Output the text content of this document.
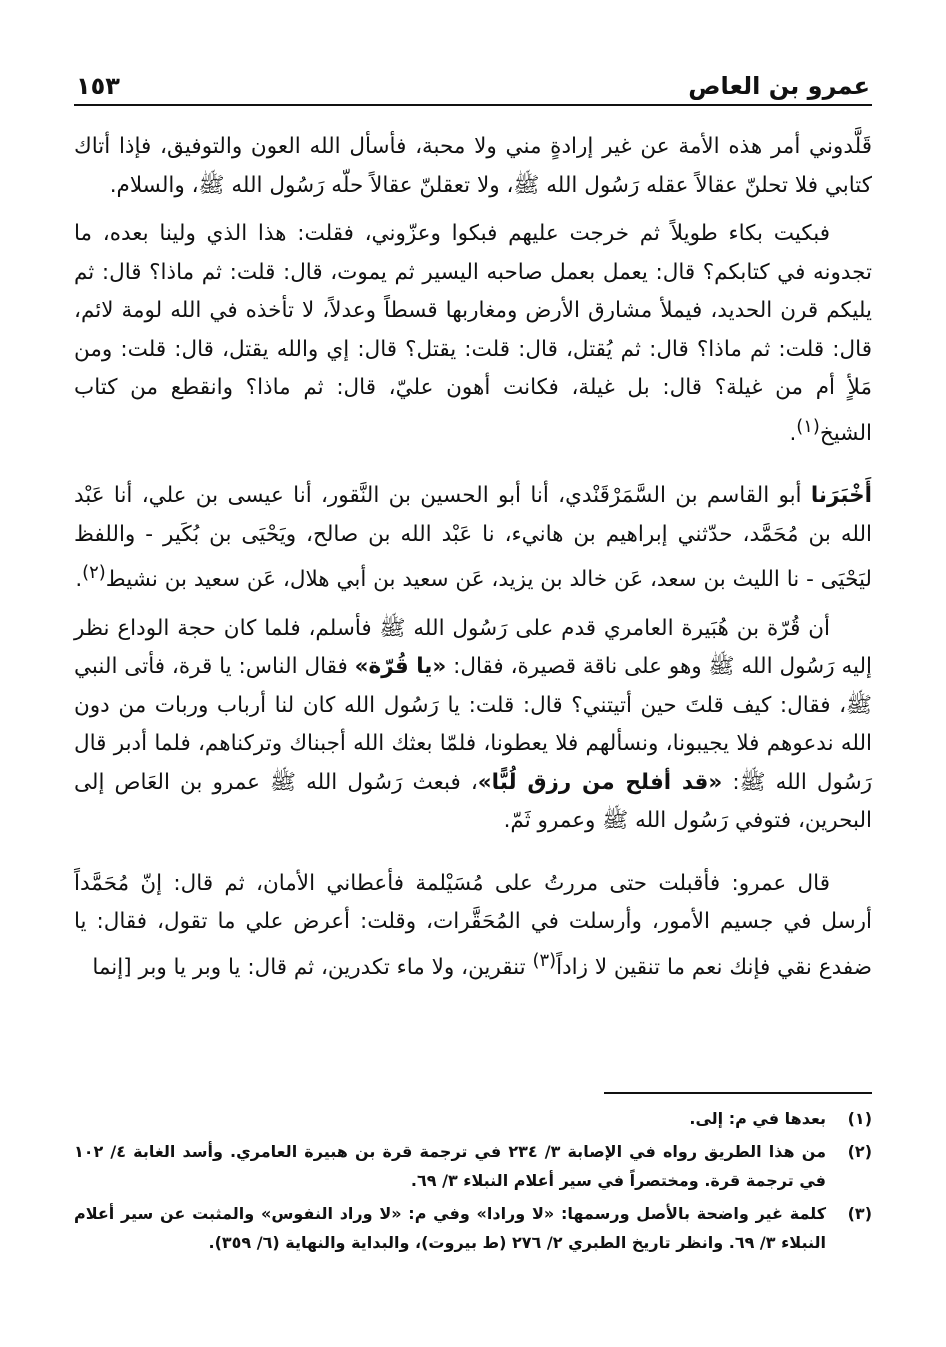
عمرو بن العاص
١٥٣

قَلَّدوني أمر هذه الأمة عن غير إرادةٍ مني ولا محبة، فأسأل الله العون والتوفيق، فإذا أتاك كتابي فلا تحلنّ عقالاً عقله رَسُول الله ﷺ، ولا تعقلنّ عقالاً حلّه رَسُول الله ﷺ، والسلام.

فبكيت بكاء طويلاً ثم خرجت عليهم فبكوا وعزّوني، فقلت: هذا الذي ولينا بعده، ما تجدونه في كتابكم؟ قال: يعمل بعمل صاحبه اليسير ثم يموت، قال: قلت: ثم ماذا؟ قال: ثم يليكم قرن الحديد، فيملأ مشارق الأرض ومغاربها قسطاً وعدلاً، لا تأخذه في الله لومة لائم، قال: قلت: ثم ماذا؟ قال: ثم يُقتل، قال: قلت: يقتل؟ قال: إي والله يقتل، قال: قلت: ومن مَلأٍ أم من غيلة؟ قال: بل غيلة، فكانت أهون عليّ، قال: ثم ماذا؟ وانقطع من كتاب الشيخ$^{(١)}$.

أَخْبَرَنا أبو القاسم بن السَّمَرْقَنْدي، أنا أبو الحسين بن النَّقور، أنا عيسى بن علي، أنا عَبْد الله بن مُحَمَّد، حدّثني إبراهيم بن هانيء، نا عَبْد الله بن صالح، ويَحْيَى بن بُكَير - واللفظ ليَحْيَى - نا الليث بن سعد، عَن خالد بن يزيد، عَن سعيد بن أبي هلال، عَن سعيد بن نشيط$^{(٢)}$.

أن قُرّة بن هُبَيرة العامري قدم على رَسُول الله ﷺ فأسلم، فلما كان حجة الوداع نظر إليه رَسُول الله ﷺ وهو على ناقة قصيرة، فقال: «يا قُرّة» فقال الناس: يا قرة، فأتى النبي ﷺ، فقال: كيف قلتَ حين أتيتني؟ قال: قلت: يا رَسُول الله كان لنا أرباب وربات من دون الله ندعوهم فلا يجيبونا، ونسألهم فلا يعطونا، فلمّا بعثك الله أجبناك وتركناهم، فلما أدبر قال رَسُول الله ﷺ: «قد أفلح من رزق لُبًّا»، فبعث رَسُول الله ﷺ عمرو بن العَاص إلى البحرين، فتوفي رَسُول الله ﷺ وعمرو ثَمّ.

قال عمرو: فأقبلت حتى مررتُ على مُسَيْلمة فأعطاني الأمان، ثم قال: إنّ مُحَمَّداً أرسل في جسيم الأمور، وأرسلت في المُحَقَّرات، وقلت: أعرض علي ما تقول، فقال: يا ضفدع نقي فإنك نعم ما تنقين لا زاداً$^{(٣)}$ تنقرين، ولا ماء تكدرين، ثم قال: يا وبر يا وبر [إنما

(١)
بعدها في م: إلى.
(٢)
من هذا الطريق رواه في الإصابة ٣/ ٢٣٤ في ترجمة قرة بن هبيرة العامري. وأسد الغابة ٤/ ١٠٢ في ترجمة قرة. ومختصراً في سير أعلام النبلاء ٣/ ٦٩.
(٣)
كلمة غير واضحة بالأصل ورسمها: «لا ورادا» وفي م: «لا وراد النفوس» والمثبت عن سير أعلام النبلاء ٣/ ٦٩. وانظر تاريخ الطبري ٢/ ٢٧٦ (ط بيروت)، والبداية والنهاية (٦/ ٣٥٩).
